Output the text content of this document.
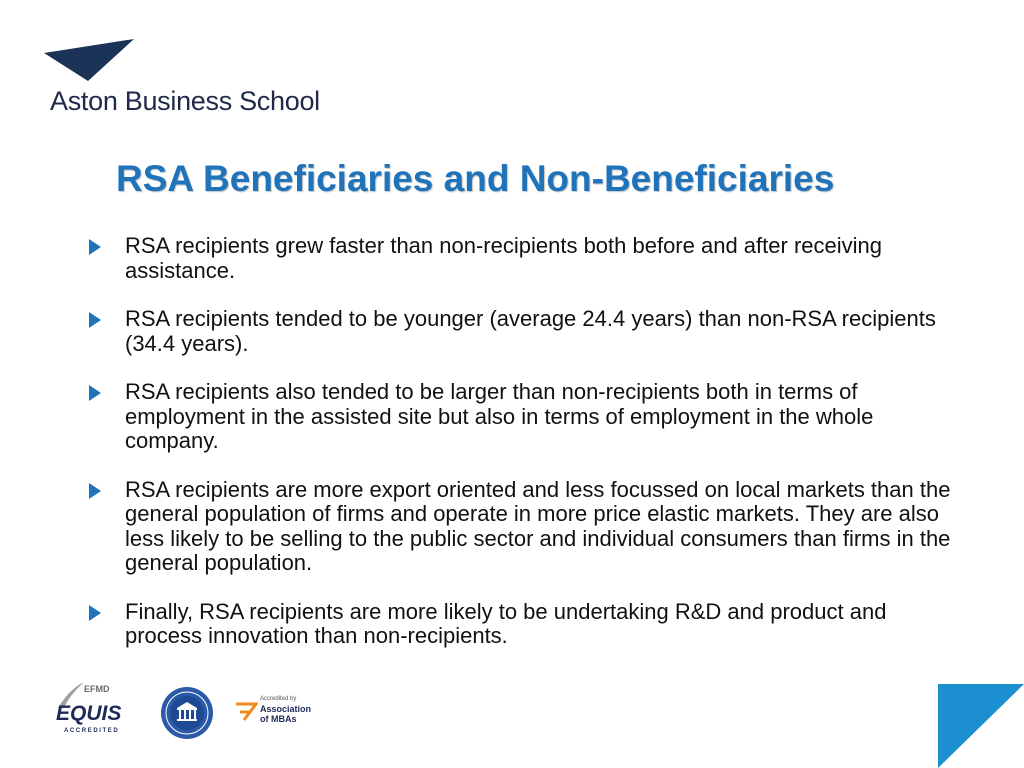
Aston Business School
RSA Beneficiaries and Non-Beneficiaries
RSA recipients grew faster than non-recipients both before and after receiving assistance.
RSA recipients tended to be younger (average 24.4 years) than non-RSA recipients (34.4 years).
RSA recipients also tended to be larger than non-recipients both in terms of employment in the assisted site but also in terms of employment in the whole company.
RSA recipients are more export oriented and less focussed on local markets than the general population of firms and operate in more price elastic markets. They are also less likely to be selling to the public sector and individual consumers than firms in the general population.
Finally, RSA recipients are more likely to be undertaking R&D and product and process innovation than non-recipients.
EFMD
EQUIS
ACCREDITED
Accredited by
Association of MBAs
